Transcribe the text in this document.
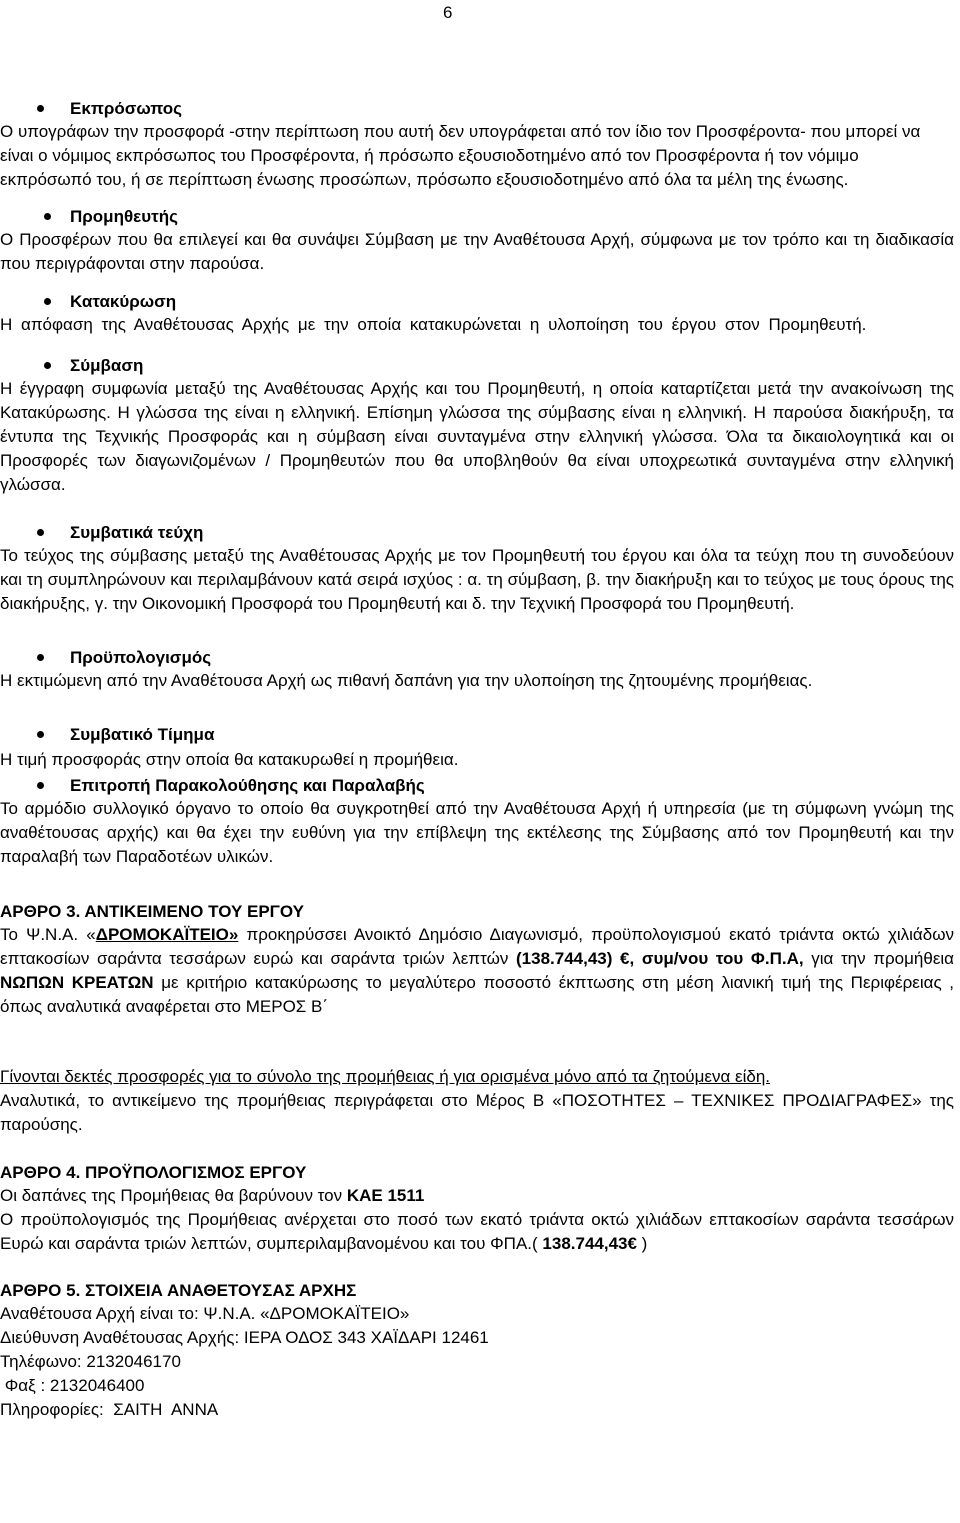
6
Εκπρόσωπος

Ο υπογράφων την προσφορά -στην περίπτωση που αυτή δεν υπογράφεται από τον ίδιο τον Προσφέροντα- που μπορεί να είναι ο νόμιμος εκπρόσωπος του Προσφέροντα, ή πρόσωπο εξουσιοδοτημένο από τον Προσφέροντα ή τον νόμιμο εκπρόσωπό του, ή σε περίπτωση ένωσης προσώπων, πρόσωπο εξουσιοδοτημένο από όλα τα μέλη της ένωσης.

Προμηθευτής

Ο Προσφέρων που θα επιλεγεί και θα συνάψει Σύμβαση με την Αναθέτουσα Αρχή, σύμφωνα με τον τρόπο και τη διαδικασία που περιγράφονται στην παρούσα.

Κατακύρωση

Η απόφαση της Αναθέτουσας Αρχής με την οποία κατακυρώνεται η υλοποίηση του έργου στον Προμηθευτή.

Σύμβαση

Η έγγραφη συμφωνία μεταξύ της Αναθέτουσας Αρχής και του Προμηθευτή, η οποία καταρτίζεται μετά την ανακοίνωση της Κατακύρωσης. Η γλώσσα της είναι η ελληνική. Επίσημη γλώσσα της σύμβασης είναι η ελληνική. Η παρούσα διακήρυξη, τα έντυπα της Τεχνικής Προσφοράς και η σύμβαση είναι συνταγμένα στην ελληνική γλώσσα. Όλα τα δικαιολογητικά και οι Προσφορές των διαγωνιζομένων / Προμηθευτών που θα υποβληθούν θα είναι υποχρεωτικά συνταγμένα στην ελληνική γλώσσα.

Συμβατικά τεύχη

Το τεύχος της σύμβασης μεταξύ της Αναθέτουσας Αρχής με τον Προμηθευτή του έργου και όλα τα τεύχη που τη συνοδεύουν και τη συμπληρώνουν και περιλαμβάνουν κατά σειρά ισχύος : α. τη σύμβαση, β. την διακήρυξη και το τεύχος με τους όρους της διακήρυξης, γ. την Οικονομική Προσφορά του Προμηθευτή και δ. την Τεχνική Προσφορά του Προμηθευτή.

Προϋπολογισμός

Η εκτιμώμενη από την Αναθέτουσα Αρχή ως πιθανή δαπάνη για την υλοποίηση της ζητουμένης προμήθειας.

Συμβατικό Τίμημα

Η τιμή προσφοράς στην οποία θα κατακυρωθεί η προμήθεια.

Επιτροπή Παρακολούθησης και Παραλαβής

Το αρμόδιο συλλογικό όργανο το οποίο θα συγκροτηθεί από την Αναθέτουσα Αρχή ή υπηρεσία (με τη σύμφωνη γνώμη της αναθέτουσας αρχής) και θα έχει την ευθύνη για την επίβλεψη της εκτέλεσης της Σύμβασης από τον Προμηθευτή και την παραλαβή των Παραδοτέων υλικών.

ΑΡΘΡΟ 3. ΑΝΤΙΚΕΙΜΕΝΟ ΤΟΥ ΕΡΓΟΥ

Το Ψ.Ν.Α. «ΔΡΟΜΟΚΑΪΤΕΙΟ» προκηρύσσει Ανοικτό Δημόσιο Διαγωνισμό, προϋπολογισμού εκατό τριάντα οκτώ χιλιάδων επτακοσίων σαράντα τεσσάρων ευρώ και σαράντα τριών λεπτών (138.744,43) €, συμ/νου του Φ.Π.Α, για την προμήθεια ΝΩΠΩΝ ΚΡΕΑΤΩΝ με κριτήριο κατακύρωσης το μεγαλύτερο ποσοστό έκπτωσης στη μέση λιανική τιμή της Περιφέρειας , όπως αναλυτικά αναφέρεται στο ΜΕΡΟΣ Β΄

Γίνονται δεκτές προσφορές για το σύνολο της προμήθειας ή για ορισμένα μόνο από τα ζητούμενα είδη.

Αναλυτικά, το αντικείμενο της προμήθειας περιγράφεται στο Μέρος Β «ΠΟΣΟΤΗΤΕΣ – ΤΕΧΝΙΚΕΣ ΠΡΟΔΙΑΓΡΑΦΕΣ» της παρούσης.

ΑΡΘΡΟ 4. ΠΡΟΫΠΟΛΟΓΙΣΜΟΣ ΕΡΓΟΥ

Οι δαπάνες της Προμήθειας θα βαρύνουν τον ΚΑΕ 1511

Ο προϋπολογισμός της Προμήθειας ανέρχεται στο ποσό των εκατό τριάντα οκτώ χιλιάδων επτακοσίων σαράντα τεσσάρων Ευρώ και σαράντα τριών λεπτών, συμπεριλαμβανομένου και του ΦΠΑ.( 138.744,43€ )

ΑΡΘΡΟ 5. ΣΤΟΙΧΕΙΑ ΑΝΑΘΕΤΟΥΣΑΣ ΑΡΧΗΣ

Αναθέτουσα Αρχή είναι το: Ψ.Ν.Α. «ΔΡΟΜΟΚΑΪΤΕΙΟ»

Διεύθυνση Αναθέτουσας Αρχής: ΙΕΡΑ ΟΔΟΣ 343 ΧΑΪΔΑΡΙ 12461

Τηλέφωνο: 2132046170

Φαξ : 2132046400

Πληροφορίες:  ΣΑΙΤΗ  ΑΝΝΑ
